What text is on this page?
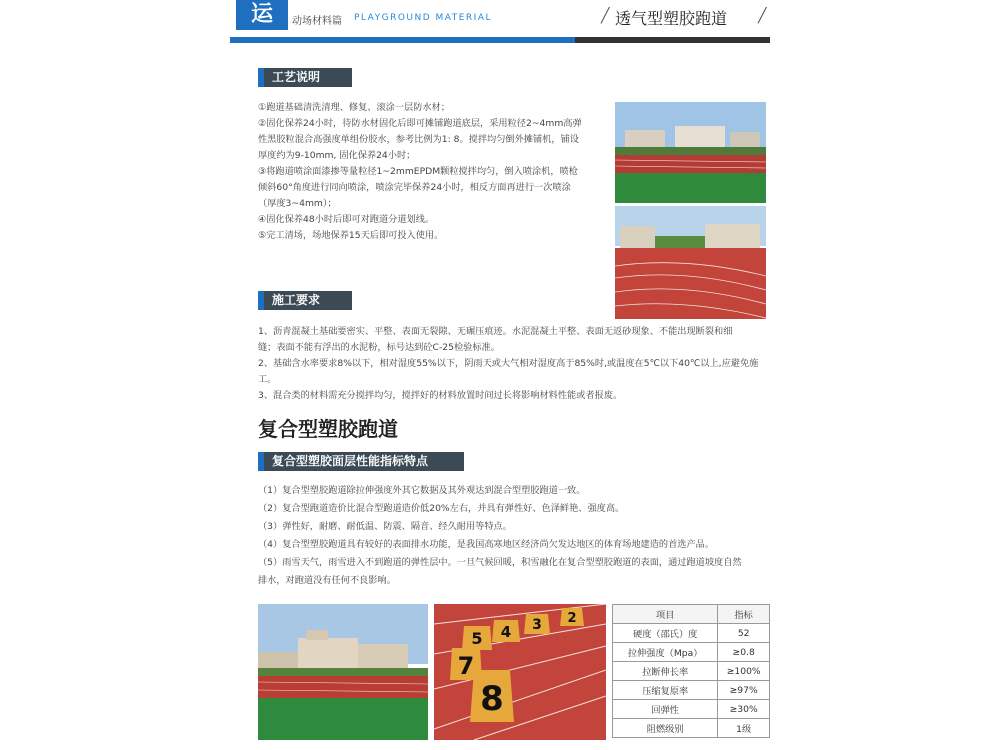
运	动场材料篇 PLAYGROUND MATERIAL	╱ 透气型塑胶跑道 ╱
工艺说明

①跑道基础清洗清理、修复、滚涂一层防水材；

②固化保养24小时，待防水材固化后即可摊铺跑道底层，采用粒径2~4mm高弹

性黑胶粒混合高强度单组份胶水，参考比例为1: 8。搅拌均匀倒外摊铺机，铺设

厚度约为9-10mm, 固化保养24小时；

③将跑道喷涂面漆掺等量粒径1~2mmEPDM颗粒搅拌均匀，倒入喷涂机，喷枪

倾斜60°角度进行同向喷涂，喷涂完毕保养24小时，相反方面再进行一次喷涂

（厚度3~4mm）；

④固化保养48小时后即可对跑道分道划线。

⑤完工清场，场地保养15天后即可投入使用。

施工要求

1、沥青混凝土基础要密实、平整、表面无裂隙、无碾压痕迹。水泥混凝土平整、表面无返砂现象、不能出现断裂和细

缝；表面不能有浮出的水泥粉，标号达到砼C-25检验标准。

2、基础含水率要求8%以下，相对湿度55%以下，阴雨天或大气相对湿度高于85%时,或温度在5℃以下40℃以上,应避免施工。

3、混合类的材料需充分搅拌均匀，搅拌好的材料放置时间过长将影响材料性能或者报废。

复合型塑胶跑道
复合型塑胶面层性能指标特点

（1）复合型塑胶跑道除拉伸强度外其它数据及其外观达到混合型塑胶跑道一致。

（2）复合型跑道造价比混合型跑道造价低20%左右，并具有弹性好、色泽鲜艳、强度高。

（3）弹性好，耐磨、耐低温、防震、隔音、经久耐用等特点。

（4）复合型塑胶跑道具有较好的表面排水功能，是我国高寒地区经济尚欠发达地区的体育场地建造的首选产品。

（5）雨雪天气，雨雪进入不到跑道的弹性层中。一旦气候回暖，积雪融化在复合型塑胶跑道的表面，通过跑道坡度自然

排水，对跑道没有任何不良影响。

2
3
4
5
7
8
项目	指标
硬度（邵氏）度	52
拉伸强度（Mpa）	≥0.8
拉断伸长率	≥100%
压缩复原率	≥97%
回弹性	≥30%
阻燃级别	1级
